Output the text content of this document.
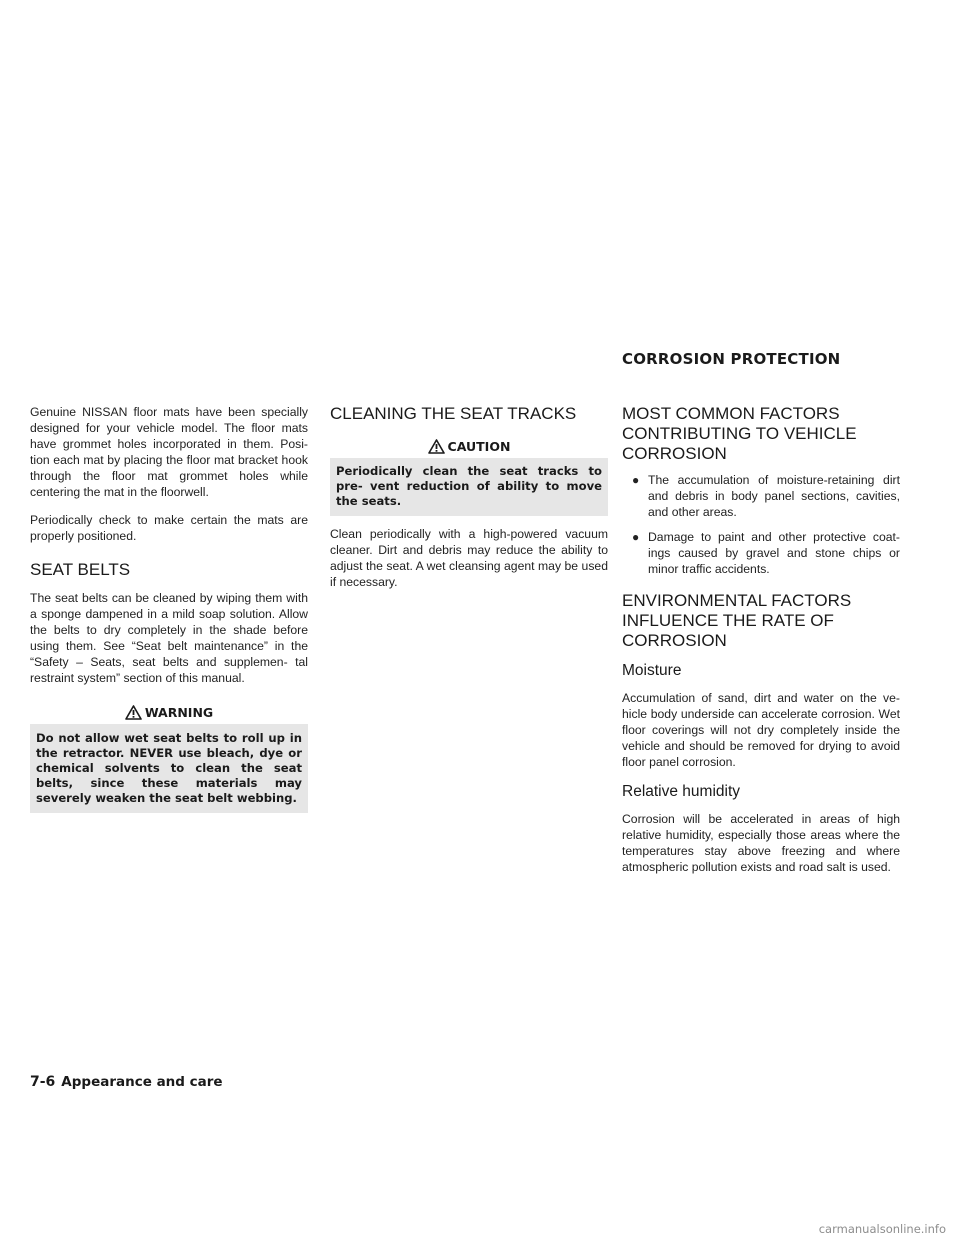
CORROSION PROTECTION

Genuine NISSAN floor mats have been specially designed for your vehicle model. The floor mats have grommet holes incorporated in them. Posi- tion each mat by placing the floor mat bracket hook through the floor mat grommet holes while centering the mat in the floorwell.

Periodically check to make certain the mats are properly positioned.

SEAT BELTS

The seat belts can be cleaned by wiping them with a sponge dampened in a mild soap solution. Allow the belts to dry completely in the shade before using them. See “Seat belt maintenance” in the “Safety – Seats, seat belts and supplemen- tal restraint system” section of this manual.

WARNING
Do not allow wet seat belts to roll up in the retractor. NEVER use bleach, dye or chemical solvents to clean the seat belts, since these materials may severely weaken the seat belt webbing.
CLEANING THE SEAT TRACKS
CAUTION
Periodically clean the seat tracks to pre- vent reduction of ability to move the seats.

Clean periodically with a high-powered vacuum cleaner. Dirt and debris may reduce the ability to adjust the seat. A wet cleansing agent may be used if necessary.

MOST COMMON FACTORS CONTRIBUTING TO VEHICLE CORROSION
● The accumulation of moisture-retaining dirt and debris in body panel sections, cavities, and other areas.
● Damage to paint and other protective coat- ings caused by gravel and stone chips or minor traffic accidents.
ENVIRONMENTAL FACTORS INFLUENCE THE RATE OF CORROSION
Moisture

Accumulation of sand, dirt and water on the ve- hicle body underside can accelerate corrosion. Wet floor coverings will not dry completely inside the vehicle and should be removed for drying to avoid floor panel corrosion.

Relative humidity

Corrosion will be accelerated in areas of high relative humidity, especially those areas where the temperatures stay above freezing and where atmospheric pollution exists and road salt is used.

7-6 Appearance and care
carmanualsonline.info
